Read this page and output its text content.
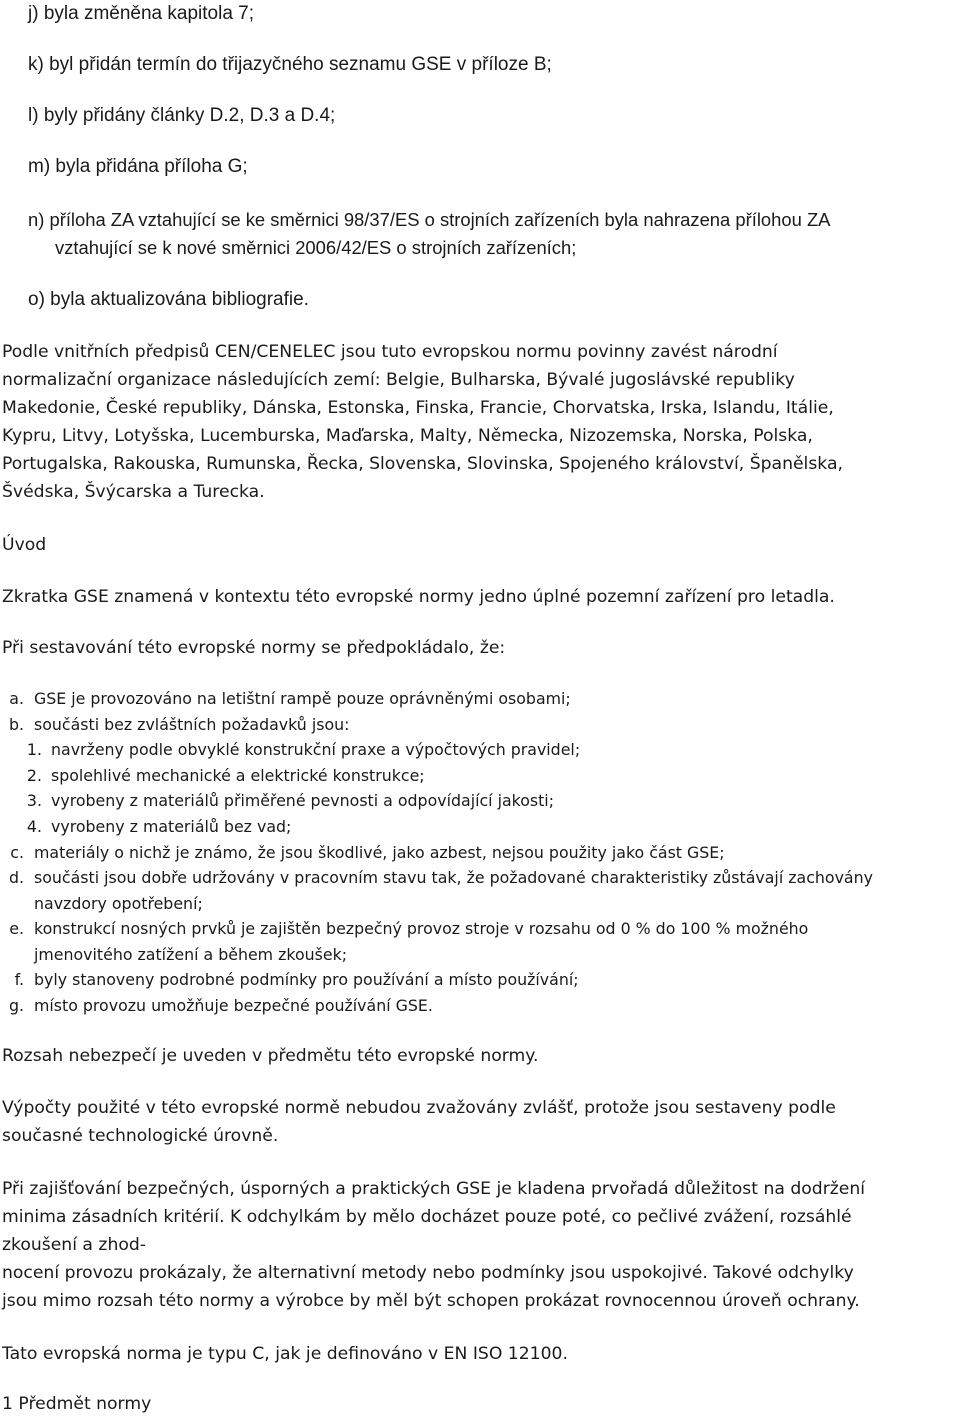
j) byla změněna kapitola 7;
k) byl přidán termín do třijazyčného seznamu GSE v příloze B;
l) byly přidány články D.2, D.3 a D.4;
m) byla přidána příloha G;
n) příloha ZA vztahující se ke směrnici 98/37/ES o strojních zařízeních byla nahrazena přílohou ZA
vztahující se k nové směrnici 2006/42/ES o strojních zařízeních;
o) byla aktualizována bibliografie.
Podle vnitřních předpisů CEN/CENELEC jsou tuto evropskou normu povinny zavést národní
normalizační organizace následujících zemí: Belgie, Bulharska, Bývalé jugoslávské republiky
Makedonie, České republiky, Dánska, Estonska, Finska, Francie, Chorvatska, Irska, Islandu, Itálie,
Kypru, Litvy, Lotyšska, Lucemburska, Maďarska, Malty, Německa, Nizozemska, Norska, Polska,
Portugalska, Rakouska, Rumunska, Řecka, Slovenska, Slovinska, Spojeného království, Španělska,
Švédska, Švýcarska a Turecka.
Úvod
Zkratka GSE znamená v kontextu této evropské normy jedno úplné pozemní zařízení pro letadla.
Při sestavování této evropské normy se předpokládalo, že:
a. GSE je provozováno na letištní rampě pouze oprávněnými osobami;
b. součásti bez zvláštních požadavků jsou:
1. navrženy podle obvyklé konstrukční praxe a výpočtových pravidel;
2. spolehlivé mechanické a elektrické konstrukce;
3. vyrobeny z materiálů přiměřené pevnosti a odpovídající jakosti;
4. vyrobeny z materiálů bez vad;
c. materiály o nichž je známo, že jsou škodlivé, jako azbest, nejsou použity jako část GSE;
d. součásti jsou dobře udržovány v pracovním stavu tak, že požadované charakteristiky zůstávají zachovány
navzdory opotřebení;
e. konstrukcí nosných prvků je zajištěn bezpečný provoz stroje v rozsahu od 0 % do 100 % možného
jmenovitého zatížení a během zkoušek;
f. byly stanoveny podrobné podmínky pro používání a místo používání;
g. místo provozu umožňuje bezpečné používání GSE.
Rozsah nebezpečí je uveden v předmětu této evropské normy.
Výpočty použité v této evropské normě nebudou zvažovány zvlášť, protože jsou sestaveny podle
současné technologické úrovně.
Při zajišťování bezpečných, úsporných a praktických GSE je kladena prvořadá důležitost na dodržení
minima zásadních kritérií. K odchylkám by mělo docházet pouze poté, co pečlivé zvážení, rozsáhlé
zkoušení a zhod-
nocení provozu prokázaly, že alternativní metody nebo podmínky jsou uspokojivé. Takové odchylky
jsou mimo rozsah této normy a výrobce by měl být schopen prokázat rovnocennou úroveň ochrany.
Tato evropská norma je typu C, jak je definováno v EN ISO 12100.
1 Předmět normy
